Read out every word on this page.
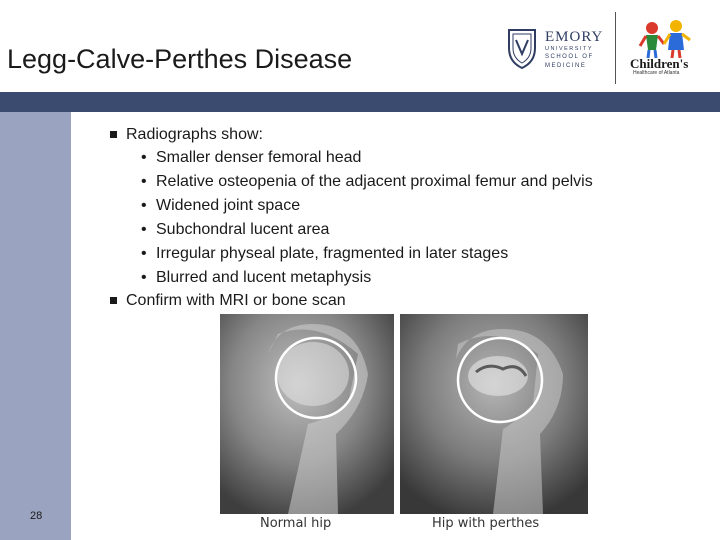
Legg-Calve-Perthes Disease
EMORY
UNIVERSITY
SCHOOL OF
MEDICINE	Children's
Healthcare of Atlanta
Radiographs show:
• Smaller denser femoral head
• Relative osteopenia of the adjacent proximal femur and pelvis
• Widened joint space
• Subchondral lucent area
• Irregular physeal plate, fragmented in later stages
• Blurred and lucent metaphysis
Confirm with MRI or bone scan
Normal hip	Hip with perthes
28
